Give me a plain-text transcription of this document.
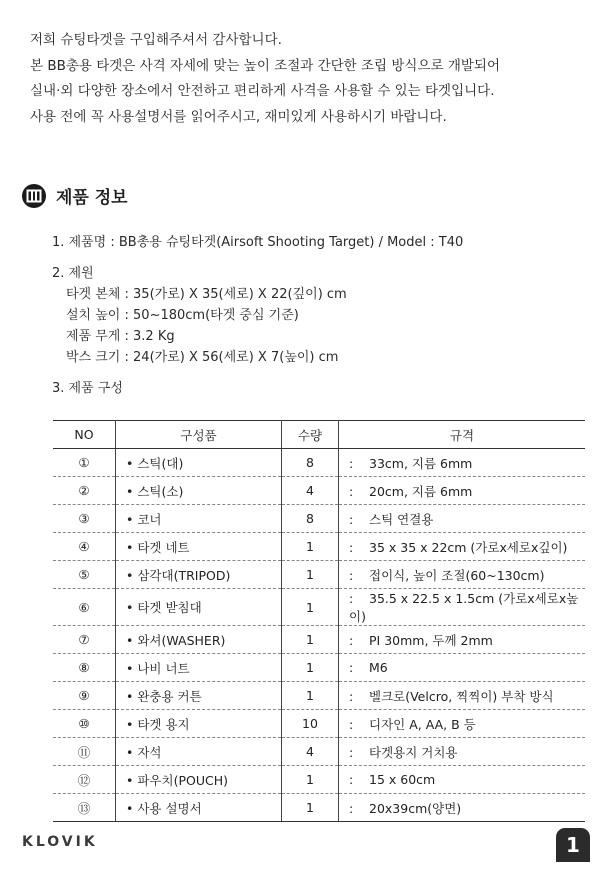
저희 슈팅타겟을 구입해주셔서 감사합니다.

본 BB총용 타겟은 사격 자세에 맞는 높이 조절과 간단한 조립 방식으로 개발되어

실내·외 다양한 장소에서 안전하고 편리하게 사격을 사용할 수 있는 타겟입니다.

사용 전에 꼭 사용설명서를 읽어주시고, 재미있게 사용하시기 바랍니다.

제품 정보
1. 제품명 : BB총용 슈팅타겟(Airsoft Shooting Target) / Model : T40
2. 제원
타겟 본체 : 35(가로) X 35(세로) X 22(깊이) cm
설치 높이 : 50~180cm(타겟 중심 기준)
제품 무게 : 3.2 Kg
박스 크기 : 24(가로) X 56(세로) X 7(높이) cm
3. 제품 구성
NO	구성품	수량	규격
①	• 스틱(대)	8	: 33cm, 지름 6mm
②	• 스틱(소)	4	: 20cm, 지름 6mm
③	• 코너	8	: 스틱 연결용
④	• 타겟 네트	1	: 35 x 35 x 22cm (가로x세로x깊이)
⑤	• 삼각대(TRIPOD)	1	: 접이식, 높이 조절(60~130cm)
⑥	• 타겟 받침대	1	: 35.5 x 22.5 x 1.5cm (가로x세로x높이)
⑦	• 와셔(WASHER)	1	: PI 30mm, 두께 2mm
⑧	• 나비 너트	1	: M6
⑨	• 완충용 커튼	1	: 벨크로(Velcro, 찍찍이) 부착 방식
⑩	• 타겟 용지	10	: 디자인 A, AA, B 등
⑪	• 자석	4	: 타겟용지 거치용
⑫	• 파우치(POUCH)	1	: 15 x 60cm
⑬	• 사용 설명서	1	: 20x39cm(양면)
KLOVIK	1
